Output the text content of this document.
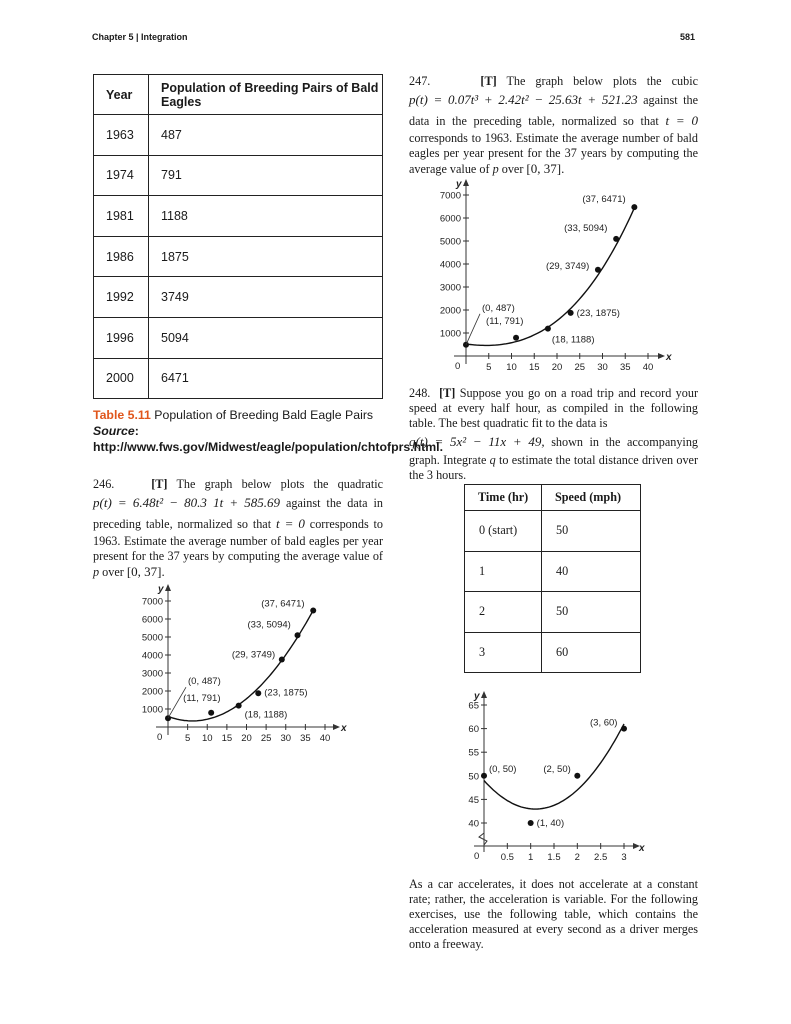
Chapter 5 | Integration	581
Year	Population of Breeding Pairs of Bald Eagles
1963	487
1974	791
1981	1188
1986	1875
1992	3749
1996	5094
2000	6471
Table 5.11 Population of Breeding Bald Eagle Pairs Source: http://www.fws.gov/Midwest/eagle/population/chtofprs.html.
246.	[T] The graph below plots the quadratic
p(t) = 6.48t² − 80.3 1t + 585.69 against the data in
preceding table, normalized so that t = 0 corresponds to
1963. Estimate the average number of bald eagles per year present for the 37 years by computing the average value of p over [0, 37].
x
y
0 5 10 15 20 25 30 35 40
1000
2000
3000
4000
5000
6000
7000
(0, 487)
(11, 791)
(18, 1188)
(23, 1875)
(29, 3749)
(33, 5094)
(37, 6471)
247.	[T] The graph below plots the cubic
p(t) = 0.07t³ + 2.42t² − 25.63t + 521.23 against the
data in the preceding table, normalized so that t = 0
corresponds to 1963. Estimate the average number of bald eagles per year present for the 37 years by computing the average value of p over [0, 37].
x
y
0	5 10 15 20 25 30 35 40
1000
2000
3000
4000
5000
6000
7000
(0, 487)
(11, 791)
(18, 1188)
(23, 1875)
(29, 3749)
(33, 5094)
(37, 6471)
248. [T] Suppose you go on a road trip and record your speed at every half hour, as compiled in the following table. The best quadratic fit to the data is
q(t) = 5x² − 11x + 49, shown in the accompanying
graph. Integrate q to estimate the total distance driven over the 3 hours.
Time (hr)	Speed (mph)
0 (start)	50
1	40
2	50
3	60
x
y
0 0.5 1 1.5 2 2.5 3
40
45
50
55
60
65
(0, 50)
(1, 40)
(2, 50)
(3, 60)
As a car accelerates, it does not accelerate at a constant rate; rather, the acceleration is variable. For the following exercises, use the following table, which contains the acceleration measured at every second as a driver merges onto a freeway.
